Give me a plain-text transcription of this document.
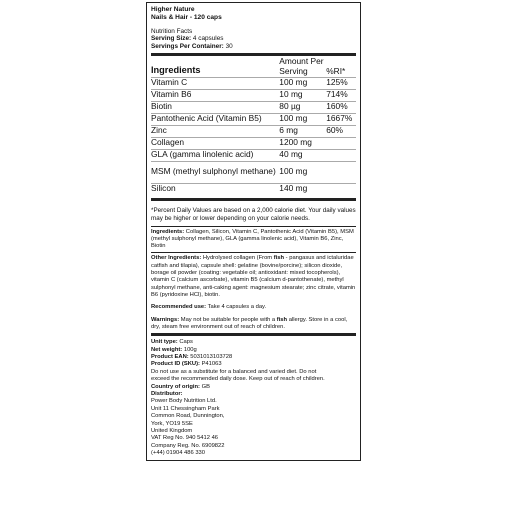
Higher Nature
Nails & Hair - 120 caps
Nutrition Facts
Serving Size: 4 capsules
Servings Per Container: 30
Ingredients	Amount Per Serving	%RI*
Vitamin C	100 mg	125%
Vitamin B6	10 mg	714%
Biotin	80 µg	160%
Pantothenic Acid (Vitamin B5)	100 mg	1667%
Zinc	6 mg	60%
Collagen	1200 mg	
GLA (gamma linolenic acid)	40 mg	
MSM (methyl sulphonyl methane)	100 mg	
Silicon	140 mg	
*Percent Daily Values are based on a 2,000 calorie diet. Your daily values may be higher or lower depending on your calorie needs.

Ingredients: Collagen, Silicon, Vitamin C, Pantothenic Acid (Vitamin B5), MSM (methyl sulphonyl methane), GLA (gamma linolenic acid), Vitamin B6, Zinc, Biotin

Other Ingredients: Hydrolysed collagen (From fish - pangasus and ictaluridae catfish and tilapia), capsule shell: gelatine (bovine/porcine); silicon dioxide, borage oil powder (coating: vegetable oil; antioxidant: mixed tocopherols), vitamin C (calcium ascorbate), vitamin B5 (calcium d-pantothenate), methyl sulphonyl methane, anti-caking agent: magnesium stearate; zinc citrate, vitamin B6 (pyridoxine HCl), biotin.

Recommended use: Take 4 capsules a day.

Warnings: May not be suitable for people with a fish allergy. Store in a cool, dry, steam free environment out of reach of children.

Unit type: Caps
Net weight: 100g
Product EAN: 5031013103728
Product ID (SKU): P41063
Do not use as a substitute for a balanced and varied diet. Do not
exceed the recommended daily dose. Keep out of reach of children.
Country of origin: GB
Distributor:
Power Body Nutrition Ltd.
Unit 11 Chessingham Park
Common Road, Dunnington,
York, YO19 5SE
United Kingdom
VAT Reg No. 940 5412 46
Company Reg. No. 6909822
(+44) 01904 486 330
